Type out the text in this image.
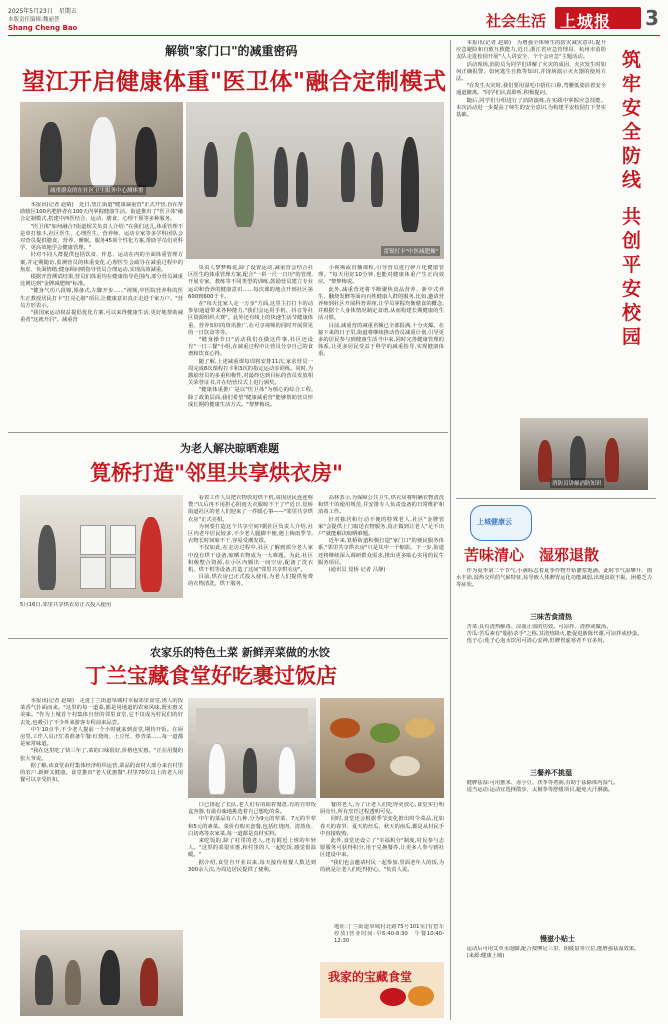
2025年5月23日　星期五
本版责任编辑:魏丽荟
Shang Cheng Bao	社会生活 上城报 3
解锁"家门口"的减重密码
望江开启健康体重"医卫体"融合定制模式
减重群众的在社区卫生服务中心测体重
雷锐打卡"中医减肥操"

本报讯(记者 赵婧)　近日,望江街道"健康减重营"正式开营,旨在帮助辖区100名肥胖者在100天内掌握健康生活。街道推出了"医卫体"融合定制模式,搭建中西医结合、运动、膳食、心理干预等多种服务。

"医卫体"如何融合?街道相关负责人介绍:"在我们这儿,体重管理不是单打独斗,社区医生、心理医生、营养师、运动专家等多学科团队会对营员提供膳食、营养、睡眠、服务45项个性化方案,帮助学员们更科学、更高效地学会健康管理。"

针对不同人群提供包括饮食、作息、运动在内的全面体重管理方案,并定期随访,监测营员的体重变化,心理医生会疏导在减重过程中的焦虑、负面情绪;健身顾问则指导营员合理运动,实现高效减重。

根据开营测试结果,营员们体重均在健康指导范围内,部分营员减重比例达到"金牌减肥师"标准。

"健身气功八段锦,预备式,左脚开步……"视频,中医院营养科的医生正教授居民打卡"打亮心脏"项目,让健康意识真正走进千家万户。"营员方形表示。

"我国家运动权益提倡优化方案,可以来得健康生活,更好地帮助减重者"这就开启"。减重营

负责人黎梦梅说,除了设置运动,减重营会结合社区医生的体重管理方案,配合"一拼一尺一日历"的管理,开展专家、教练等不同类型的训练,鼓励营员建立专业运动和营养的健康意识……每次课的地点开到社区第600到600千卡。

在"每天比家人走一万步"方面,这里主打打卡的动参加通道带来各种能力,"我们会运用手机、抖音等社区资源组织大赛"。此外还有线上的快速生活节健康体重、营养知识的资讯推广,在可享视频的同时开展常见的一日饮食等等。

"健身操节日"活动我们在做这件事,社区还设有"一日三餐"小组,在减重过程中让营员分享自己的食谱和饮食心得。

随了解,上述减重课每周将安排11次,家求营员一周完成8次课程打卡和3次的指定运动步训练。同时,为激励营员的多重积极性,对最终达到目标的营员发放相关荣誉证书,并在结营仪式上进行颁奖。

"健康体重推广是以"医卫体"为核心的综合工程,除了政策层面,我们希望"健康减重营"能够帮助营员形成长期的健康生活方式。"黎梦梅说。

小视频或直播课程,引导营员进行碎片化健康管理。"每天用好10分钟,也能对健康体重产生正向效应。"黎梦梅说。

此外,减重营还将不断聚焦食品营养、新中式养生、翻烧发酵等面向百姓健康人群的服务,比如,邀请营养师到社区开展科普讲座,让学员掌握均衡膳食的概念,并根据个人身体情况制定食谱,从而构建长期健康的生活习惯。

目前,减重营的减重名额已全部报满,十分火爆。在接下来的日子里,街道将继续推动营员减重计划,引导更多的居民参与到健康生活当中来,同时完善健康管理的体系,让更多居民受益于科学的减重指导,实现健康体重。

为老人解决晾晒难题
筧桥打造"邻里共享烘衣房"
5月16日,邻里共享烘衣房正式投入使用

看着工作人员把衣物放进烘干机,周围居民连连称赞:"以后再不用担心阴雨天衣服晾不干了!"近日,筧桥街道社区的老人们迎来了一件暖心事——"邻里共享烘衣房"正式亮相。

为何要打造这个共享空间?据社区负责人介绍,社区内老年居民较多,不少老人腿脚不便,遇上梅雨季节,衣物长时间晾不干,容易受潮发霉。

不仅如此,在走访过程中,社区了解到部分老人家中没有烘干设备,晾晒衣物成为一大难题。为此,社区积极整合资源,在小区内腾出一间空房,配备了洗衣机、烘干机等设备,打造了这间"邻里共享烘衣房"。

目前,烘衣房已正式投入使用,为老人们提供免费的衣物清洗、烘干服务。

高林表示,为保障公共卫生,烘衣房将明确衣物清洗和烘干的使用规范,并安排专人负责设备的日常维护和消毒工作。

针对独居和行动不便的特殊老人,社区"金牌管家"会提供上门取送衣物服务,真正做到让老人"足不出户"就能解决晾晒难题。

近年来,筧桥街道积极打造"家门口"的便民服务体系,"邻里共享烘衣房"只是其中一个缩影。下一步,街道还将继续深入调研群众需求,推出更多贴心实用的民生服务项目。

(通讯员 筧桥 记者 吕静)

农家乐的特色土菜 新鲜弄菜做的水饺
丁兰宝藏食堂好吃裹过饭店

本报讯(记者 赵婧)　走进丁兰街道皋城村幸福邻里食堂,诱人的饭菜香气扑面而来。"这里的每一道菜,都是用地道的农家风味,既实惠又美味。"作为上城首个村集体自营的邻里食堂,它不仅成为村民们的好去处,也吸引了不少外来游客专程前来品尝。

中午10点半,不少老人提前一个小时就来到食堂,期待开饭。在厨房里,工作人员正忙着准备午餐:红烧肉、土豆丝、炒青菜……每一道都是家常味道。

"我在这里吃了快三年了,菜的口味很好,价格也实惠。"正在用餐的张大爷说。

据了解,该食堂由村集体经济组织运营,菜品的食材大部分来自村里的农户,新鲜又健康。食堂推出"老人优惠餐",村里70岁以上的老人用餐可以享受折扣。

口已排起了长队,老人们有的端着餐盘,有的自带饭盒容器,有滋有味地挑选着自己想吃的菜。

中午的菜品有八九种,分为9元的荤菜、7元的半荤和5元的素菜。菜价有购买套餐,包括红烧肉、清蒸鱼、白切鸡等农家菜,每一道都是真材实料。

来吃饭的,除了村里的老人,还有附近上班的年轻人。"这里的菜很实惠,和村里的人一起吃饭,感觉很温暖。"

据介绍,食堂自开业以来,每天接待用餐人数达到300余人次,为周边居民提供了便利。

餐的老人,为了让老人们吃得更放心,食堂实行明厨亮灶,所有烹饪过程透明可见。

同时,食堂还会根据季节变化推出时令菜品,比如春天的春笋、夏天的丝瓜、秋天的南瓜,都是从村民手中直接收购。

此外,食堂还设立了"幸福积分"制度,村民参与志愿服务可获得积分,用于兑换餐券,让更多人参与到社区建设中来。

"我们也会邀请村民一起参加,里面老年人的饭,为的就是让老人们吃得舒心。"负责人说。

地址:丁兰街道皋城村北路75号101室(有偿车停放)营业时间:早6:40-8:30　午餐10:40-12:30
我家的宝藏食堂

本报讯(记者 赵婧)　为增强全体师生的防灾减灾意识,提升应急避险和自救互救能力,近日,浙江省应急管理局、杭州市消防支队走进校园开展"人人讲安全、个个会应急"主题活动。

活动现场,消防员为同学们讲解了火灾的成因、火灾发生时如何正确报警、如何逃生自救等知识,并现场演示灭火器的使用方法。

"在发生火灾时,我们要用湿毛巾捂住口鼻,弯腰低姿沿着安全通道撤离。"同学们认真聆听,积极提问。

随后,同学们分组进行了消防演练,在实践中掌握应急技能。本次活动进一步提高了师生的安全意识,为构建平安校园打下坚实基础。

筑牢安全防线
共创平安校园
消防员讲解消防知识
上城健康云
苦味清心　湿邪退散

作为夏季第二个节气,小满标志着夏季作物开始灌浆饱满。此时节气温攀升、雨水丰沛,湿热交织的气候特征,易导致人体脾胃运化功能减弱,出现食欲不振、困倦乏力等症状。

三味苦食清热

苦菜:具有清热解毒、凉血止血的功效。可凉拌、清炒或做汤。

苦瓜:苦瓜素有"脂肪杀手"之称,其清热降火,能促进新陈代谢,可凉拌或炒蛋。

莲子心:莲子心泡水饮用可清心安神,但脾胃虚寒者不宜多用。

三餐养不挑湿

健脾祛湿:可用薏米、赤小豆、茯苓等煮粥,有助于祛除体内湿气。

适当运动:运动宜选择散步、太极拳等舒缓项目,避免大汗淋漓。

慢滋小贴士

运动后可用艾草水泡脚,配合按摩足三里、阴陵泉等穴位,能增强祛湿效果。

(来源:健康上城)
